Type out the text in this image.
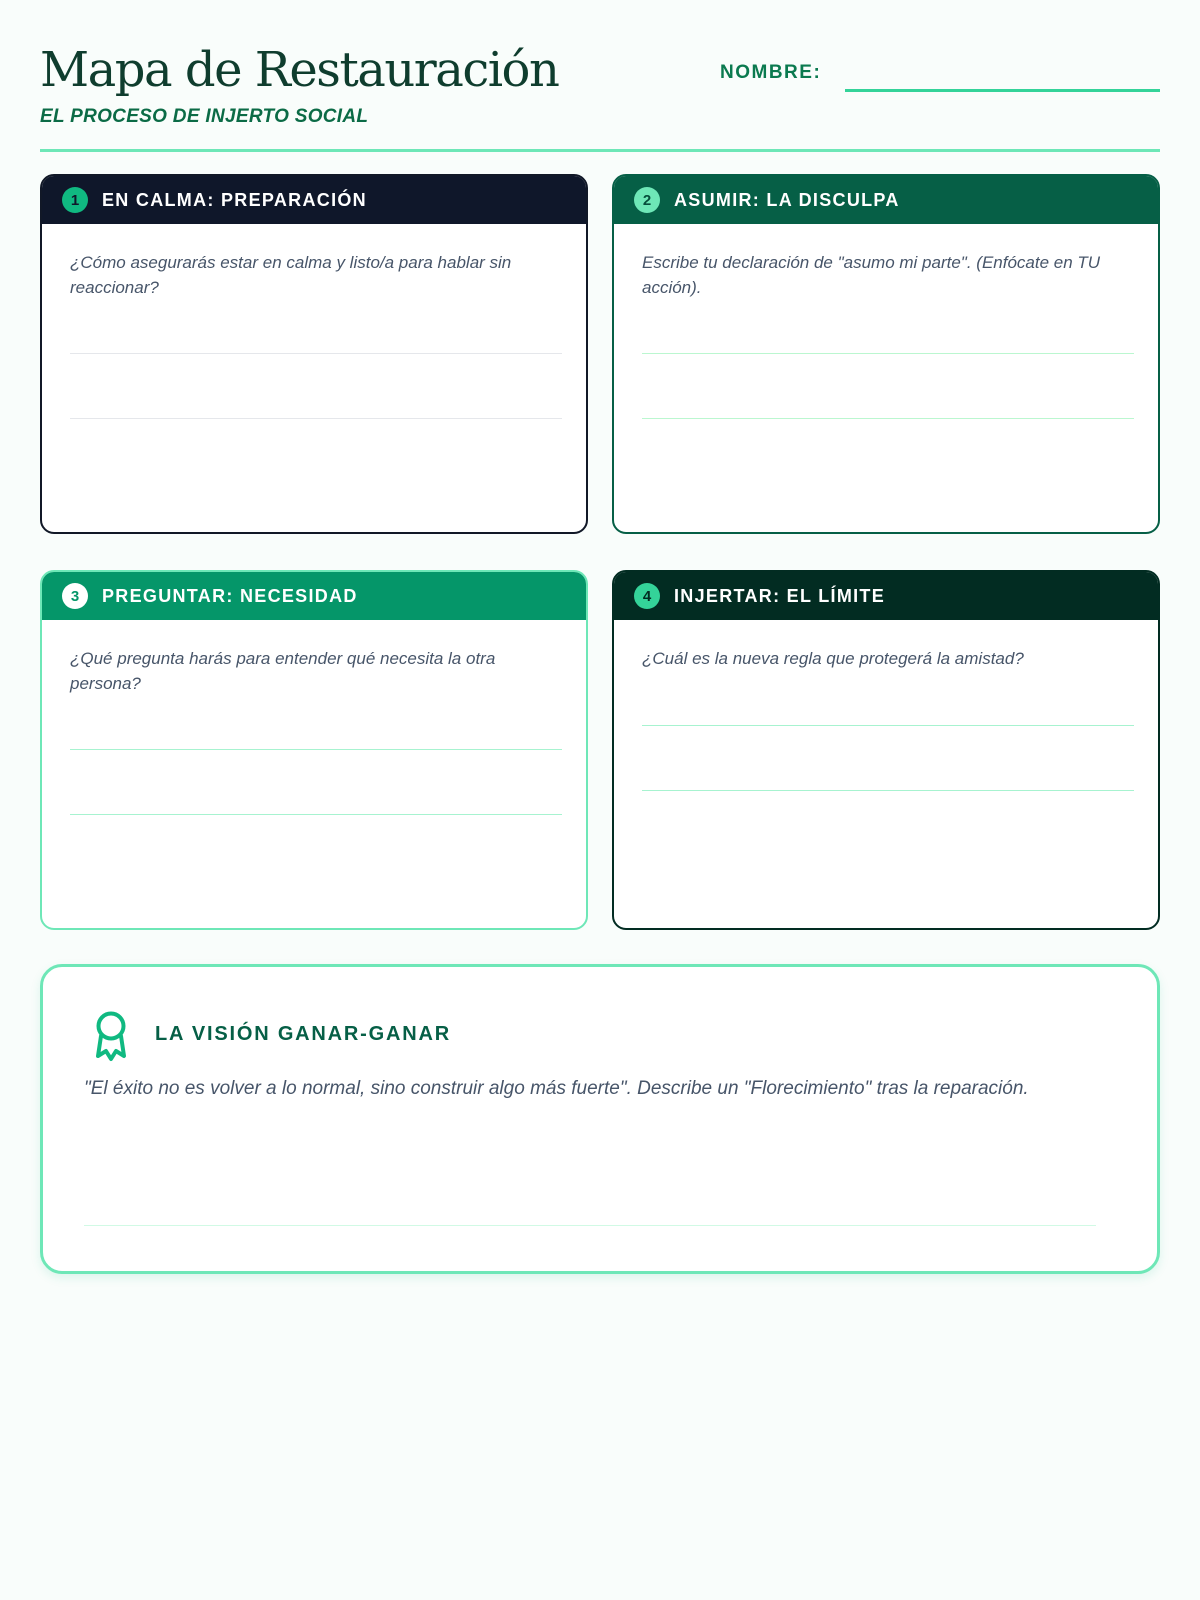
Mapa de Restauración
EL PROCESO DE INJERTO SOCIAL
NOMBRE:
1	EN CALMA: PREPARACIÓN

¿Cómo asegurarás estar en calma y listo/a para hablar sin reaccionar?

2	ASUMIR: LA DISCULPA

Escribe tu declaración de "asumo mi parte". (Enfócate en TU acción).

3	PREGUNTAR: NECESIDAD

¿Qué pregunta harás para entender qué necesita la otra persona?

4	INJERTAR: EL LÍMITE

¿Cuál es la nueva regla que protegerá la amistad?

LA VISIÓN GANAR-GANAR

"El éxito no es volver a lo normal, sino construir algo más fuerte". Describe un "Florecimiento" tras la reparación.
